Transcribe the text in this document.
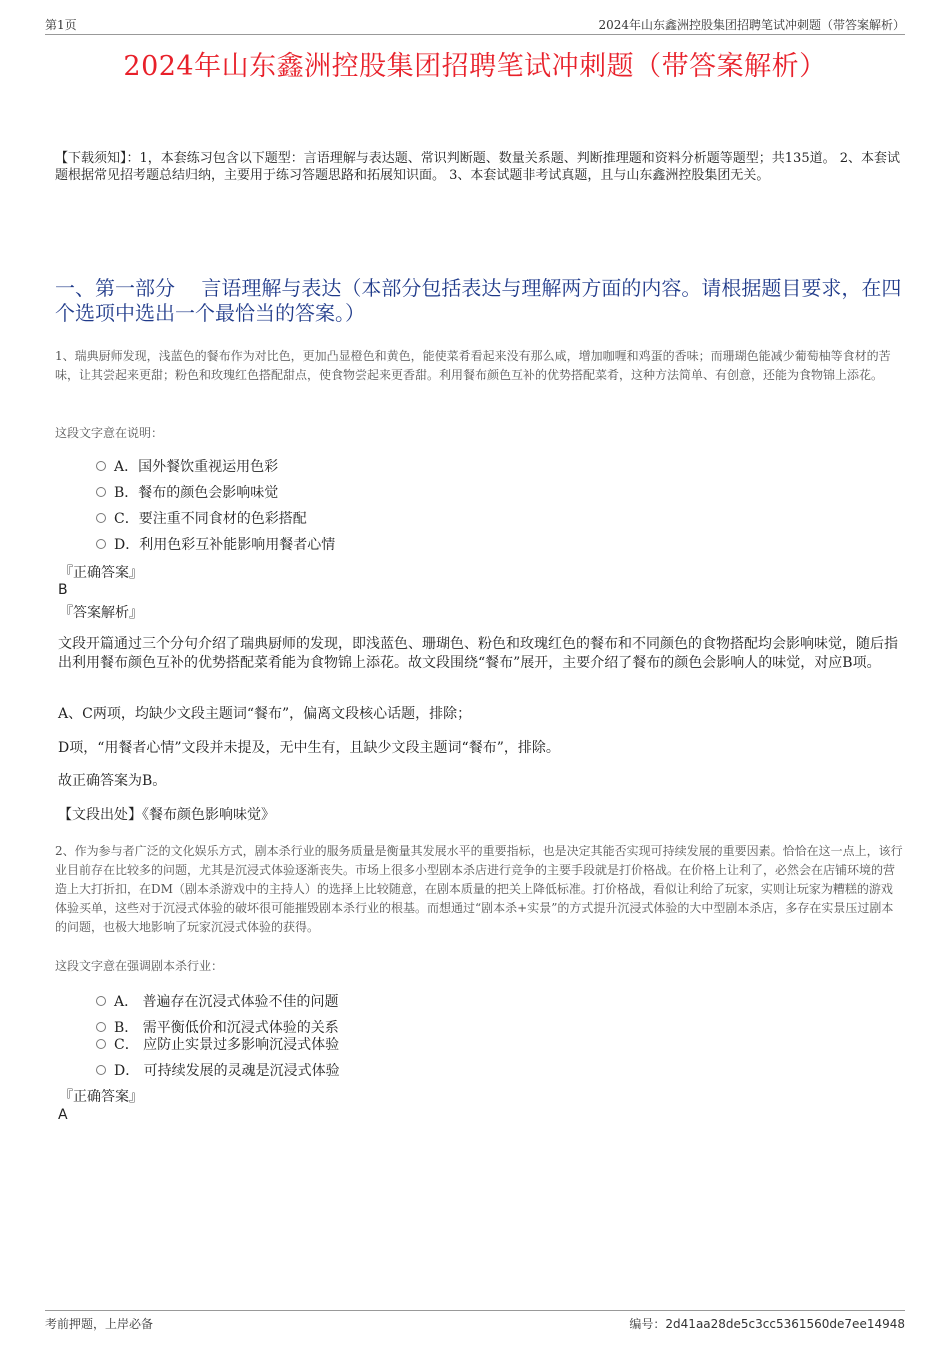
第1页	2024年山东鑫洲控股集团招聘笔试冲刺题（带答案解析）
2024年山东鑫洲控股集团招聘笔试冲刺题（带答案解析）
【下载须知】：1，本套练习包含以下题型：言语理解与表达题、常识判断题、数量关系题、判断推理题和资料分析题等题型；共135道。 2、本套试题根据常见招考题总结归纳，主要用于练习答题思路和拓展知识面。 3、本套试题非考试真题，且与山东鑫洲控股集团无关。
一、第一部分　 言语理解与表达（本部分包括表达与理解两方面的内容。请根据题目要求，在四个选项中选出一个最恰当的答案。）
1、瑞典厨师发现，浅蓝色的餐布作为对比色，更加凸显橙色和黄色，能使菜肴看起来没有那么咸，增加咖喱和鸡蛋的香味；而珊瑚色能减少葡萄柚等食材的苦味，让其尝起来更甜；粉色和玫瑰红色搭配甜点，使食物尝起来更香甜。利用餐布颜色互补的优势搭配菜肴，这种方法简单、有创意，还能为食物锦上添花。
这段文字意在说明：
A．国外餐饮重视运用色彩
B．餐布的颜色会影响味觉
C．要注重不同食材的色彩搭配
D．利用色彩互补能影响用餐者心情
『正确答案』
B
『答案解析』
文段开篇通过三个分句介绍了瑞典厨师的发现，即浅蓝色、珊瑚色、粉色和玫瑰红色的餐布和不同颜色的食物搭配均会影响味觉，随后指出利用餐布颜色互补的优势搭配菜肴能为食物锦上添花。故文段围绕“餐布”展开，主要介绍了餐布的颜色会影响人的味觉，对应B项。
A、C两项，均缺少文段主题词“餐布”，偏离文段核心话题，排除；
D项，“用餐者心情”文段并未提及，无中生有，且缺少文段主题词“餐布”，排除。
故正确答案为B。
【文段出处】《餐布颜色影响味觉》
2、作为参与者广泛的文化娱乐方式，剧本杀行业的服务质量是衡量其发展水平的重要指标，也是决定其能否实现可持续发展的重要因素。恰恰在这一点上，该行业目前存在比较多的问题，尤其是沉浸式体验逐渐丧失。市场上很多小型剧本杀店进行竞争的主要手段就是打价格战。在价格上让利了，必然会在店铺环境的营造上大打折扣，在DM（剧本杀游戏中的主持人）的选择上比较随意，在剧本质量的把关上降低标准。打价格战，看似让利给了玩家，实则让玩家为糟糕的游戏体验买单，这些对于沉浸式体验的破坏很可能摧毁剧本杀行业的根基。而想通过“剧本杀+实景”的方式提升沉浸式体验的大中型剧本杀店，多存在实景压过剧本的问题，也极大地影响了玩家沉浸式体验的获得。
这段文字意在强调剧本杀行业：
A． 普遍存在沉浸式体验不佳的问题
B． 需平衡低价和沉浸式体验的关系
C． 应防止实景过多影响沉浸式体验
D． 可持续发展的灵魂是沉浸式体验
『正确答案』
A
考前押题，上岸必备	编号：2d41aa28de5c3cc5361560de7ee14948
